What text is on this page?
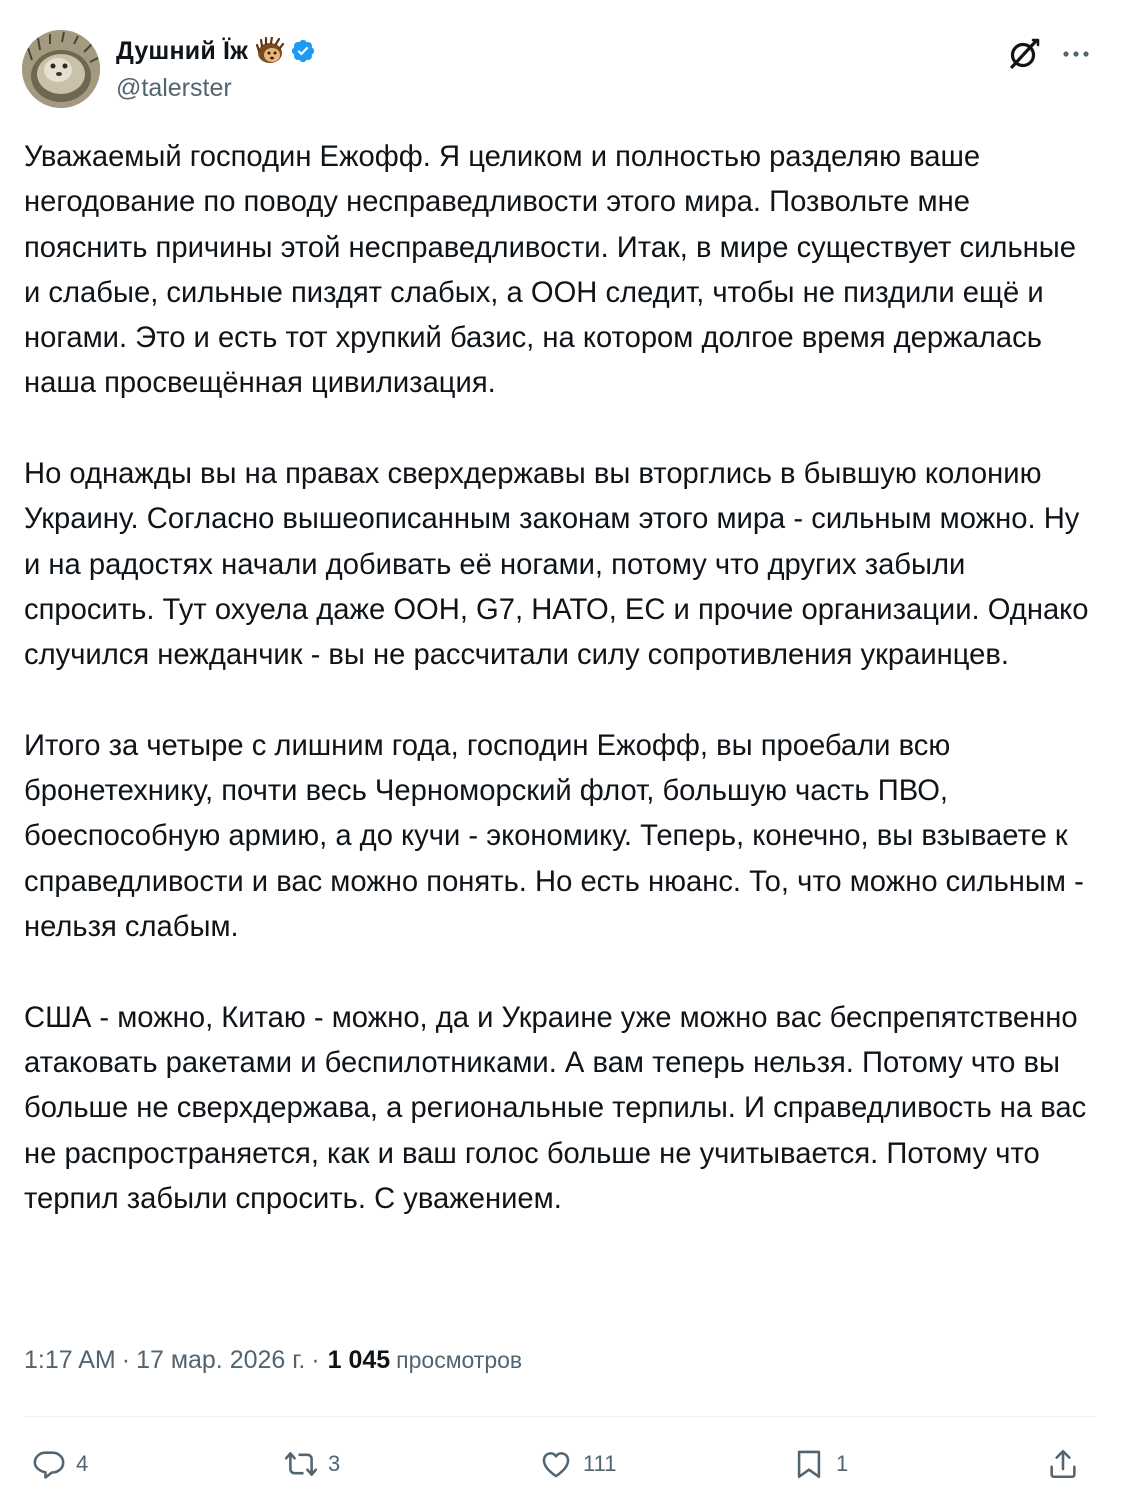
Душний Їж
@talerster

Уважаемый господин Ежофф. Я целиком и полностью разделяю ваше негодование по поводу несправедливости этого мира. Позвольте мне пояснить причины этой несправедливости. Итак, в мире существует сильные и слабые, сильные пиздят слабых, а ООН следит, чтобы не пиздили ещё и ногами. Это и есть тот хрупкий базис, на котором долгое время держалась наша просвещённая цивилизация.

Но однажды вы на правах сверхдержавы вы вторглись в бывшую колонию Украину. Согласно вышеописанным законам этого мира - сильным можно. Ну и на радостях начали добивать её ногами, потому что других забыли спросить. Тут охуела даже ООН, G7, НАТО, ЕС и прочие организации. Однако случился нежданчик - вы не рассчитали силу сопротивления украинцев.

Итого за четыре с лишним года, господин Ежофф, вы проебали всю бронетехнику, почти весь Черноморский флот, большую часть ПВО, боеспособную армию, а до кучи - экономику. Теперь, конечно, вы взываете к справедливости и вас можно понять. Но есть нюанс. То, что можно сильным - нельзя слабым.

США - можно, Китаю - можно, да и Украине уже можно вас беспрепятственно атаковать ракетами и беспилотниками. А вам теперь нельзя. Потому что вы больше не сверхдержава, а региональные терпилы. И справедливость на вас не распространяется, как и ваш голос больше не учитывается. Потому что терпил забыли спросить. С уважением.

1:17 AM · 17 мар. 2026 г. · 1 045 просмотров
4	3	111	1
